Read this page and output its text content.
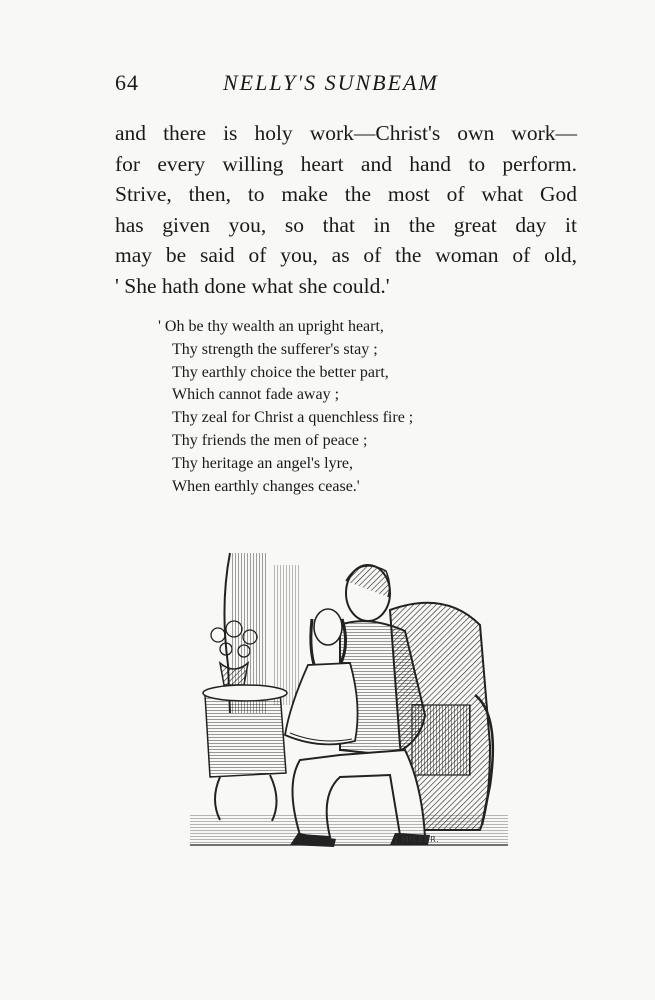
64	NELLY'S SUNBEAM
and there is holy work—Christ's own work—
for every willing heart and hand to perform.
Strive, then, to make the most of what God
has given you, so that in the great day it
may be said of you, as of the woman of old,
' She hath done what she could.'
' Oh be thy wealth an upright heart,
Thy strength the sufferer's stay ;
Thy earthly choice the better part,
Which cannot fade away ;
Thy zeal for Christ a quenchless fire ;
Thy friends the men of peace ;
Thy heritage an angel's lyre,
When earthly changes cease.'
J.MILLER.
